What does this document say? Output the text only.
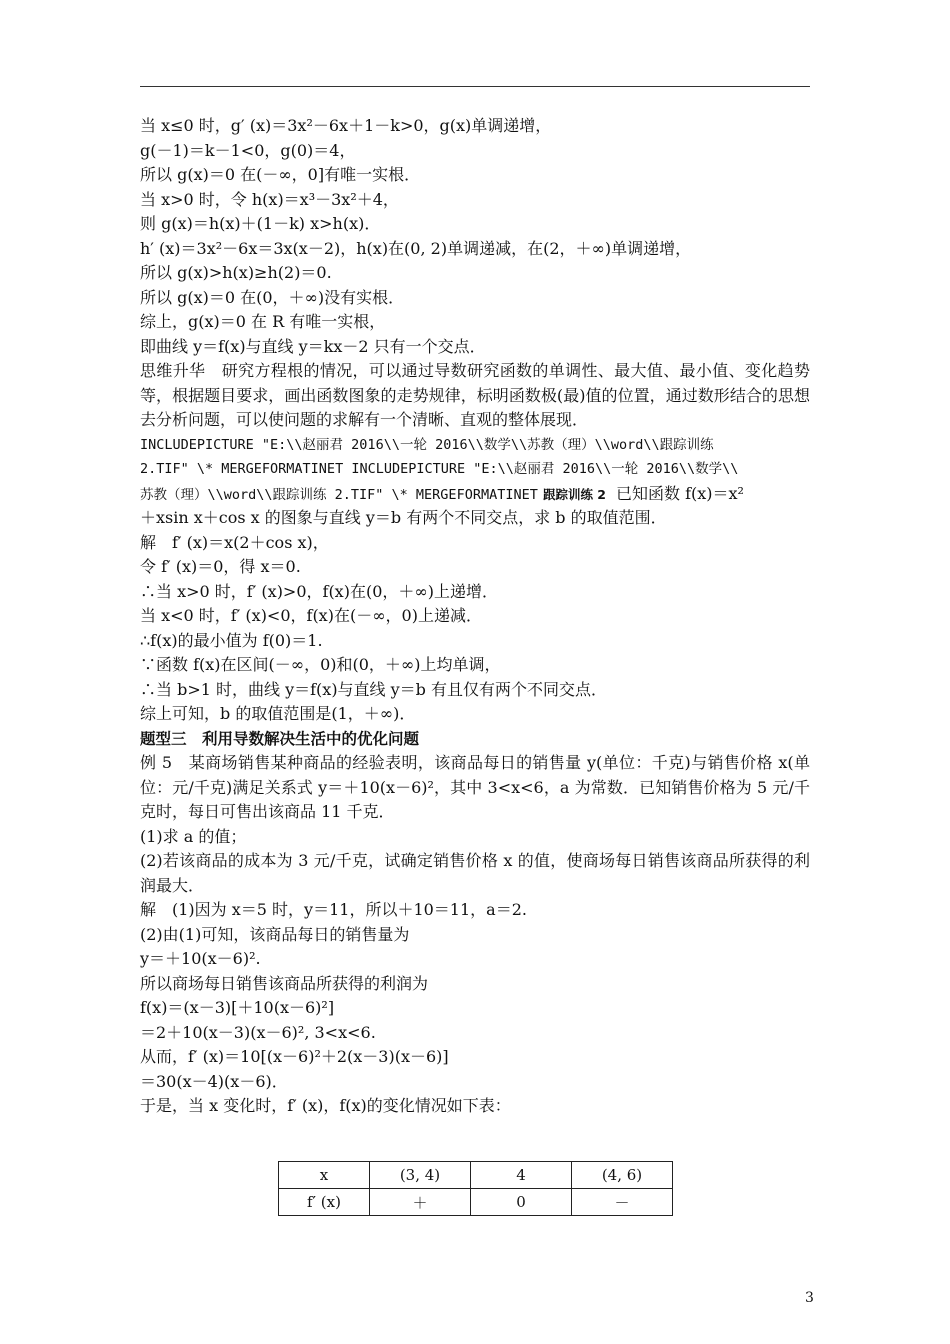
当 x≤0 时，g′ (x)＝3x²－6x＋1－k>0，g(x)单调递增，
g(－1)＝k－1<0，g(0)＝4，
所以 g(x)＝0 在(－∞，0]有唯一实根．
当 x>0 时，令 h(x)＝x³－3x²＋4，
则 g(x)＝h(x)＋(1－k) x>h(x)．
h′ (x)＝3x²－6x＝3x(x－2)，h(x)在(0, 2)单调递减，在(2，＋∞)单调递增，
所以 g(x)>h(x)≥h(2)＝0.
所以 g(x)＝0 在(0，＋∞)没有实根．
综上，g(x)＝0 在 R 有唯一实根，
即曲线 y＝f(x)与直线 y＝kx－2 只有一个交点．
思维升华　研究方程根的情况，可以通过导数研究函数的单调性、最大值、最小值、变化趋势等，根据题目要求，画出函数图象的走势规律，标明函数极(最)值的位置，通过数形结合的思想去分析问题，可以使问题的求解有一个清晰、直观的整体展现．
INCLUDEPICTURE "E:\\赵丽君 2016\\一轮 2016\\数学\\苏教（理）\\word\\跟踪训练
2.TIF" \* MERGEFORMATINET INCLUDEPICTURE "E:\\赵丽君 2016\\一轮 2016\\数学\\
苏教（理）\\word\\跟踪训练 2.TIF" \* MERGEFORMATINET 跟踪训练 2 已知函数 f(x)＝x²
＋xsin x＋cos x 的图象与直线 y＝b 有两个不同交点，求 b 的取值范围．
解　f′ (x)＝x(2＋cos x)，
令 f′ (x)＝0，得 x＝0.
∴当 x>0 时，f′ (x)>0，f(x)在(0，＋∞)上递增．
当 x<0 时，f′ (x)<0，f(x)在(－∞，0)上递减．
∴f(x)的最小值为 f(0)＝1.
∵函数 f(x)在区间(－∞，0)和(0，＋∞)上均单调，
∴当 b>1 时，曲线 y＝f(x)与直线 y＝b 有且仅有两个不同交点．
综上可知，b 的取值范围是(1，＋∞)．
题型三　利用导数解决生活中的优化问题
例 5　某商场销售某种商品的经验表明，该商品每日的销售量 y(单位：千克)与销售价格 x(单位：元/千克)满足关系式 y＝＋10(x－6)²，其中 3<x<6，a 为常数．已知销售价格为 5 元/千克时，每日可售出该商品 11 千克．
(1)求 a 的值；
(2)若该商品的成本为 3 元/千克，试确定销售价格 x 的值，使商场每日销售该商品所获得的利润最大．
解　(1)因为 x＝5 时，y＝11，所以＋10＝11，a＝2.
(2)由(1)可知，该商品每日的销售量为
y＝＋10(x－6)².
所以商场每日销售该商品所获得的利润为
f(x)＝(x－3)[＋10(x－6)²]
＝2＋10(x－3)(x－6)², 3<x<6.
从而，f′ (x)＝10[(x－6)²＋2(x－3)(x－6)]
＝30(x－4)(x－6)．
于是，当 x 变化时，f′ (x)，f(x)的变化情况如下表：
x	(3, 4)	4	(4, 6)
f′ (x)	＋	0	－
3
